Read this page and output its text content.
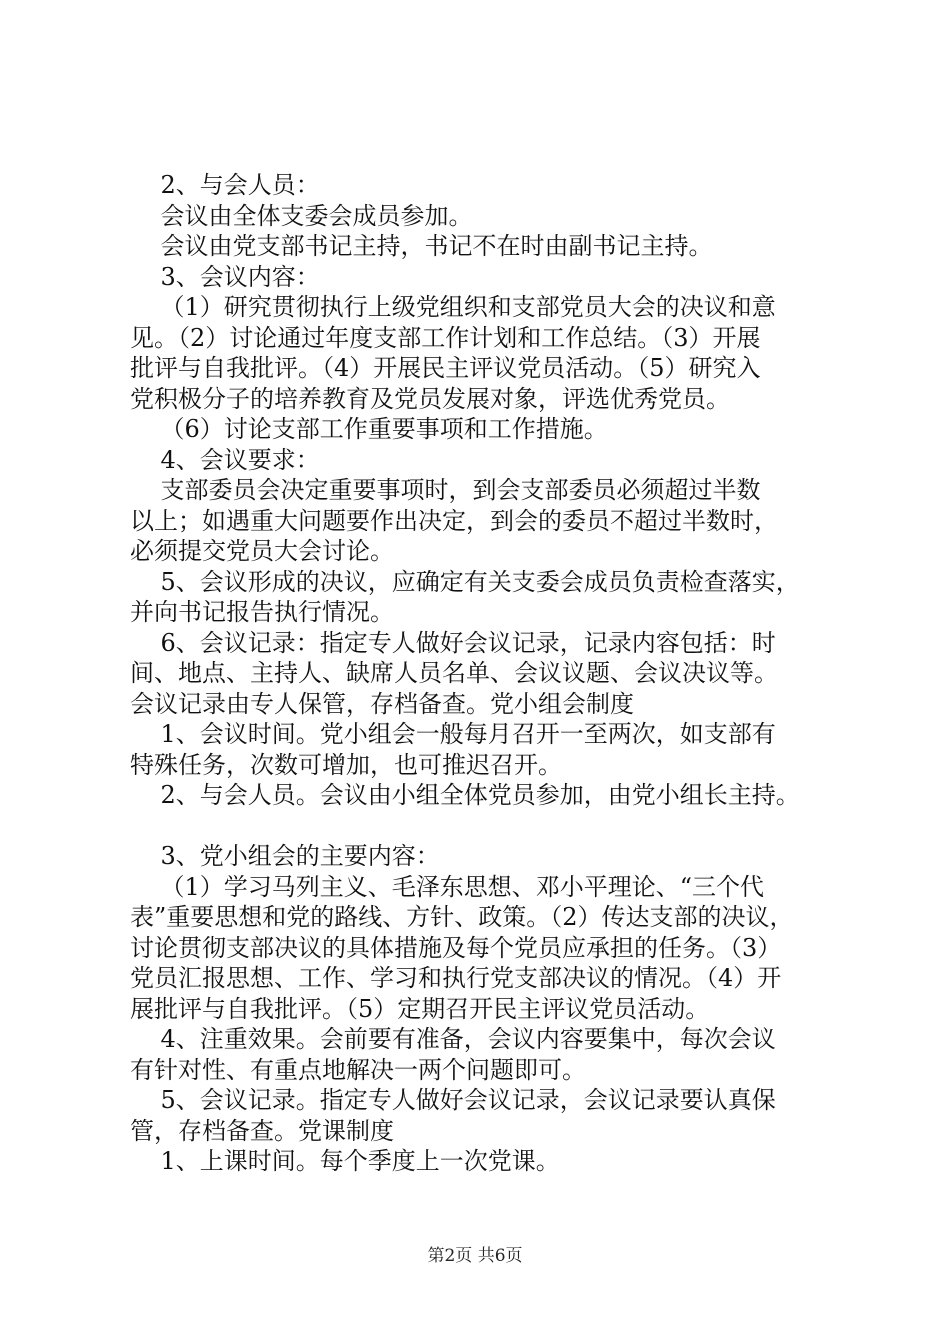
2、与会人员：

会议由全体支委会成员参加。

会议由党支部书记主持，书记不在时由副书记主持。

3、会议内容：

（1）研究贯彻执行上级党组织和支部党员大会的决议和意

见。（2）讨论通过年度支部工作计划和工作总结。（3）开展

批评与自我批评。（4）开展民主评议党员活动。（5）研究入

党积极分子的培养教育及党员发展对象，评选优秀党员。

（6）讨论支部工作重要事项和工作措施。

4、会议要求：

支部委员会决定重要事项时，到会支部委员必须超过半数

以上；如遇重大问题要作出决定，到会的委员不超过半数时，

必须提交党员大会讨论。

5、会议形成的决议，应确定有关支委会成员负责检查落实，

并向书记报告执行情况。

6、会议记录：指定专人做好会议记录，记录内容包括：时

间、地点、主持人、缺席人员名单、会议议题、会议决议等。

会议记录由专人保管，存档备查。党小组会制度

1、会议时间。党小组会一般每月召开一至两次，如支部有

特殊任务，次数可增加，也可推迟召开。

2、与会人员。会议由小组全体党员参加，由党小组长主持。

3、党小组会的主要内容：

（1）学习马列主义、毛泽东思想、邓小平理论、“三个代

表”重要思想和党的路线、方针、政策。（2）传达支部的决议，

讨论贯彻支部决议的具体措施及每个党员应承担的任务。（3）

党员汇报思想、工作、学习和执行党支部决议的情况。（4）开

展批评与自我批评。（5）定期召开民主评议党员活动。

4、注重效果。会前要有准备，会议内容要集中，每次会议

有针对性、有重点地解决一两个问题即可。

5、会议记录。指定专人做好会议记录，会议记录要认真保

管，存档备查。党课制度

1、上课时间。每个季度上一次党课。

第2页 共6页
